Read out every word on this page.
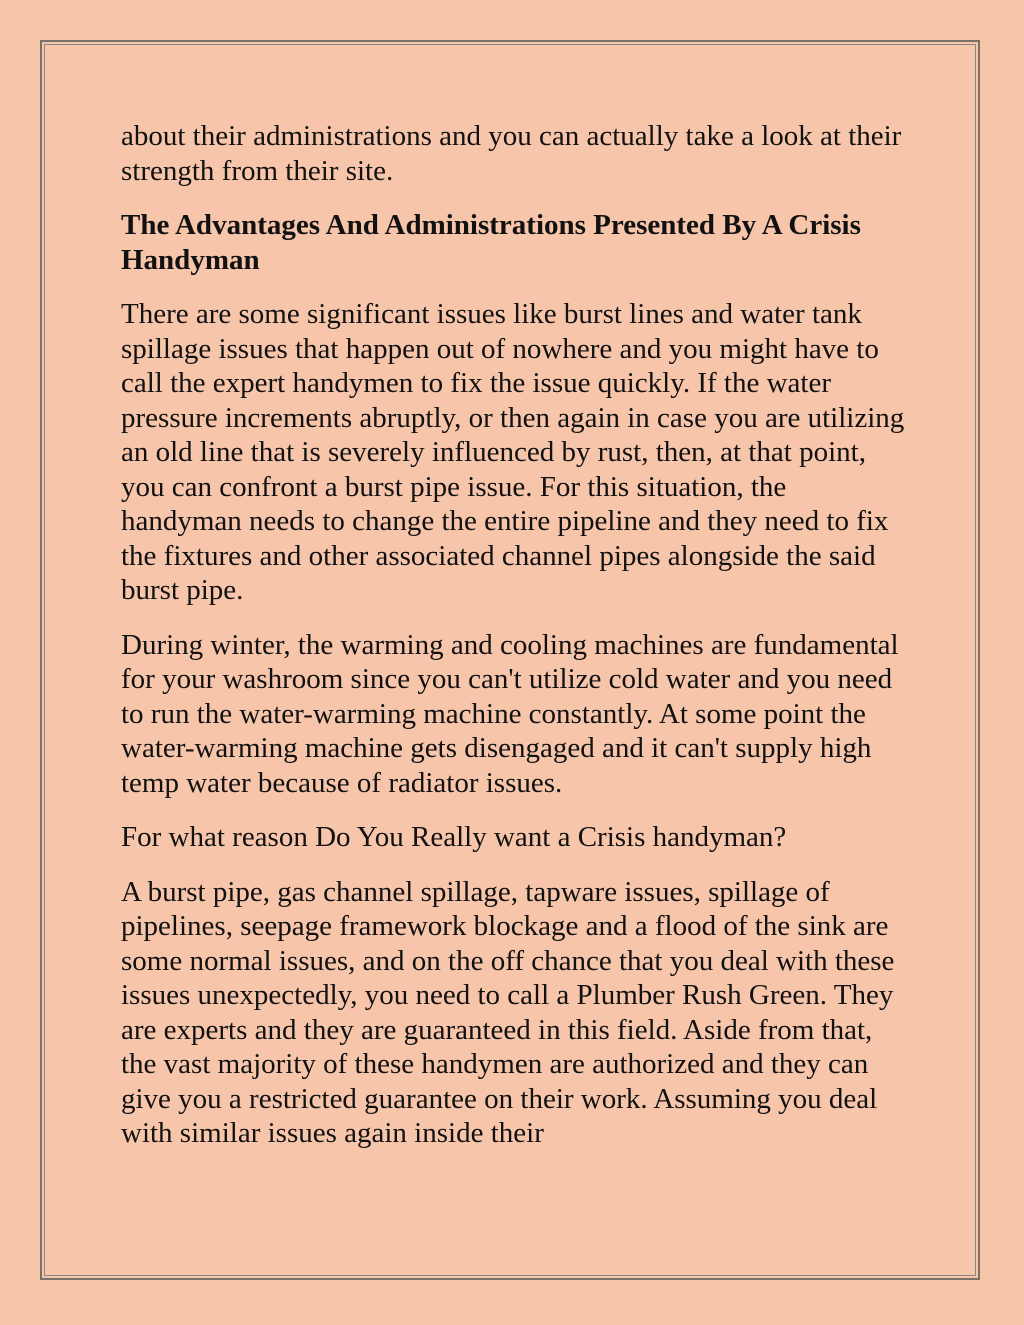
about their administrations and you can actually take a look at their strength from their site.

The Advantages And Administrations Presented By A Crisis Handyman

There are some significant issues like burst lines and water tank spillage issues that happen out of nowhere and you might have to call the expert handymen to fix the issue quickly. If the water pressure increments abruptly, or then again in case you are utilizing an old line that is severely influenced by rust, then, at that point, you can confront a burst pipe issue. For this situation, the handyman needs to change the entire pipeline and they need to fix the fixtures and other associated channel pipes alongside the said burst pipe.

During winter, the warming and cooling machines are fundamental for your washroom since you can't utilize cold water and you need to run the water-warming machine constantly. At some point the water-warming machine gets disengaged and it can't supply high temp water because of radiator issues.

For what reason Do You Really want a Crisis handyman?

A burst pipe, gas channel spillage, tapware issues, spillage of pipelines, seepage framework blockage and a flood of the sink are some normal issues, and on the off chance that you deal with these issues unexpectedly, you need to call a Plumber Rush Green. They are experts and they are guaranteed in this field. Aside from that, the vast majority of these handymen are authorized and they can give you a restricted guarantee on their work. Assuming you deal with similar issues again inside their
